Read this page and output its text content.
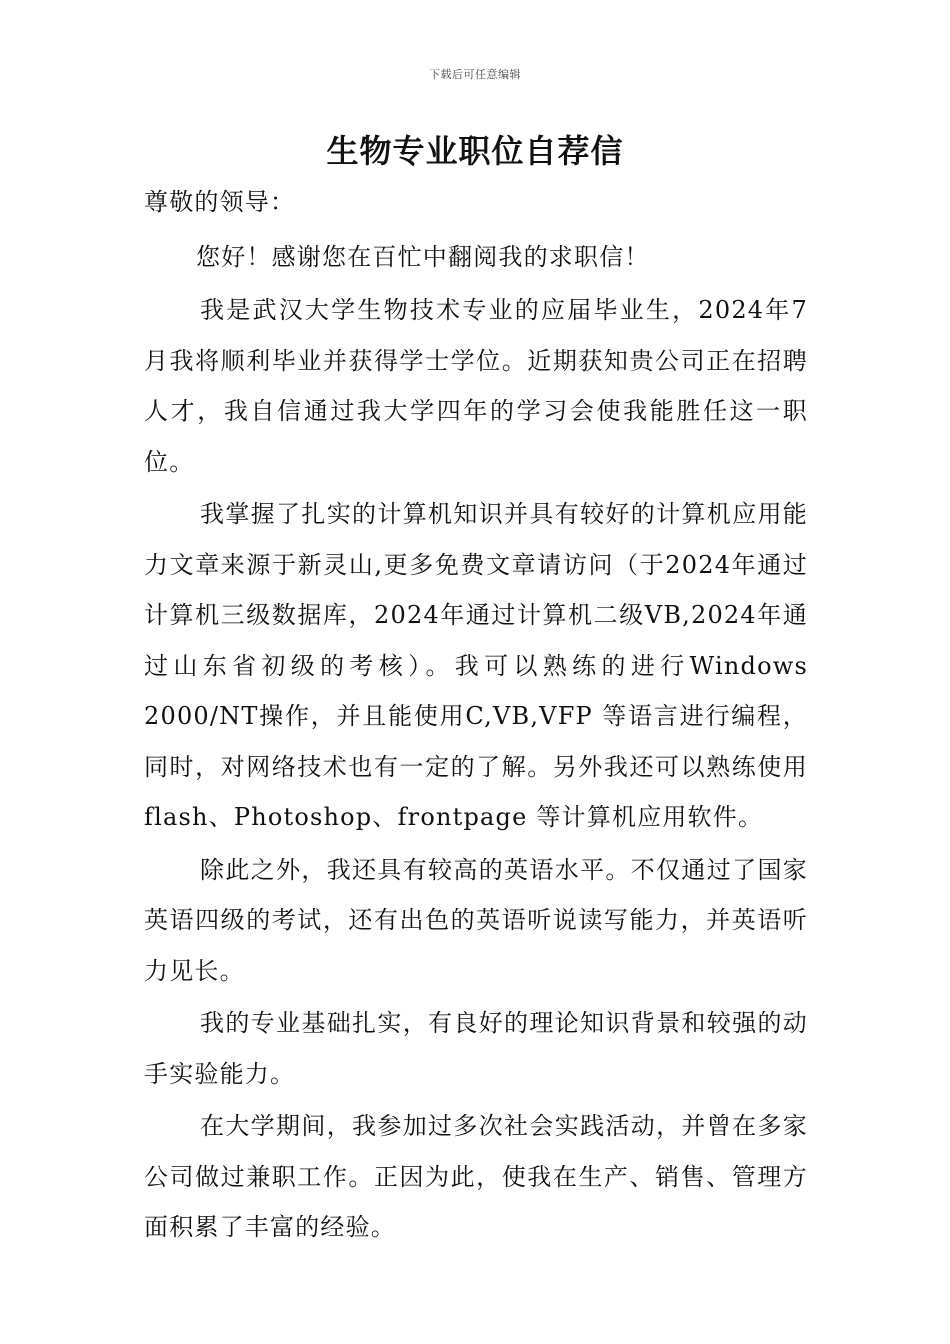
下载后可任意编辑
生物专业职位自荐信

尊敬的领导：

您好！感谢您在百忙中翻阅我的求职信！

我是武汉大学生物技术专业的应届毕业生，2024年7月我将顺利毕业并获得学士学位。近期获知贵公司正在招聘人才，我自信通过我大学四年的学习会使我能胜任这一职位。

我掌握了扎实的计算机知识并具有较好的计算机应用能力文章来源于新灵山,更多免费文章请访问（于2024年通过计算机三级数据库，2024年通过计算机二级VB,2024年通过山东省初级的考核）。我可以熟练的进行Windows 2000/NT操作，并且能使用C,VB,VFP 等语言进行编程，同时，对网络技术也有一定的了解。另外我还可以熟练使用flash、Photoshop、frontpage 等计算机应用软件。

除此之外，我还具有较高的英语水平。不仅通过了国家英语四级的考试，还有出色的英语听说读写能力，并英语听力见长。

我的专业基础扎实，有良好的理论知识背景和较强的动手实验能力。

在大学期间，我参加过多次社会实践活动，并曾在多家公司做过兼职工作。正因为此，使我在生产、销售、管理方面积累了丰富的经验。
